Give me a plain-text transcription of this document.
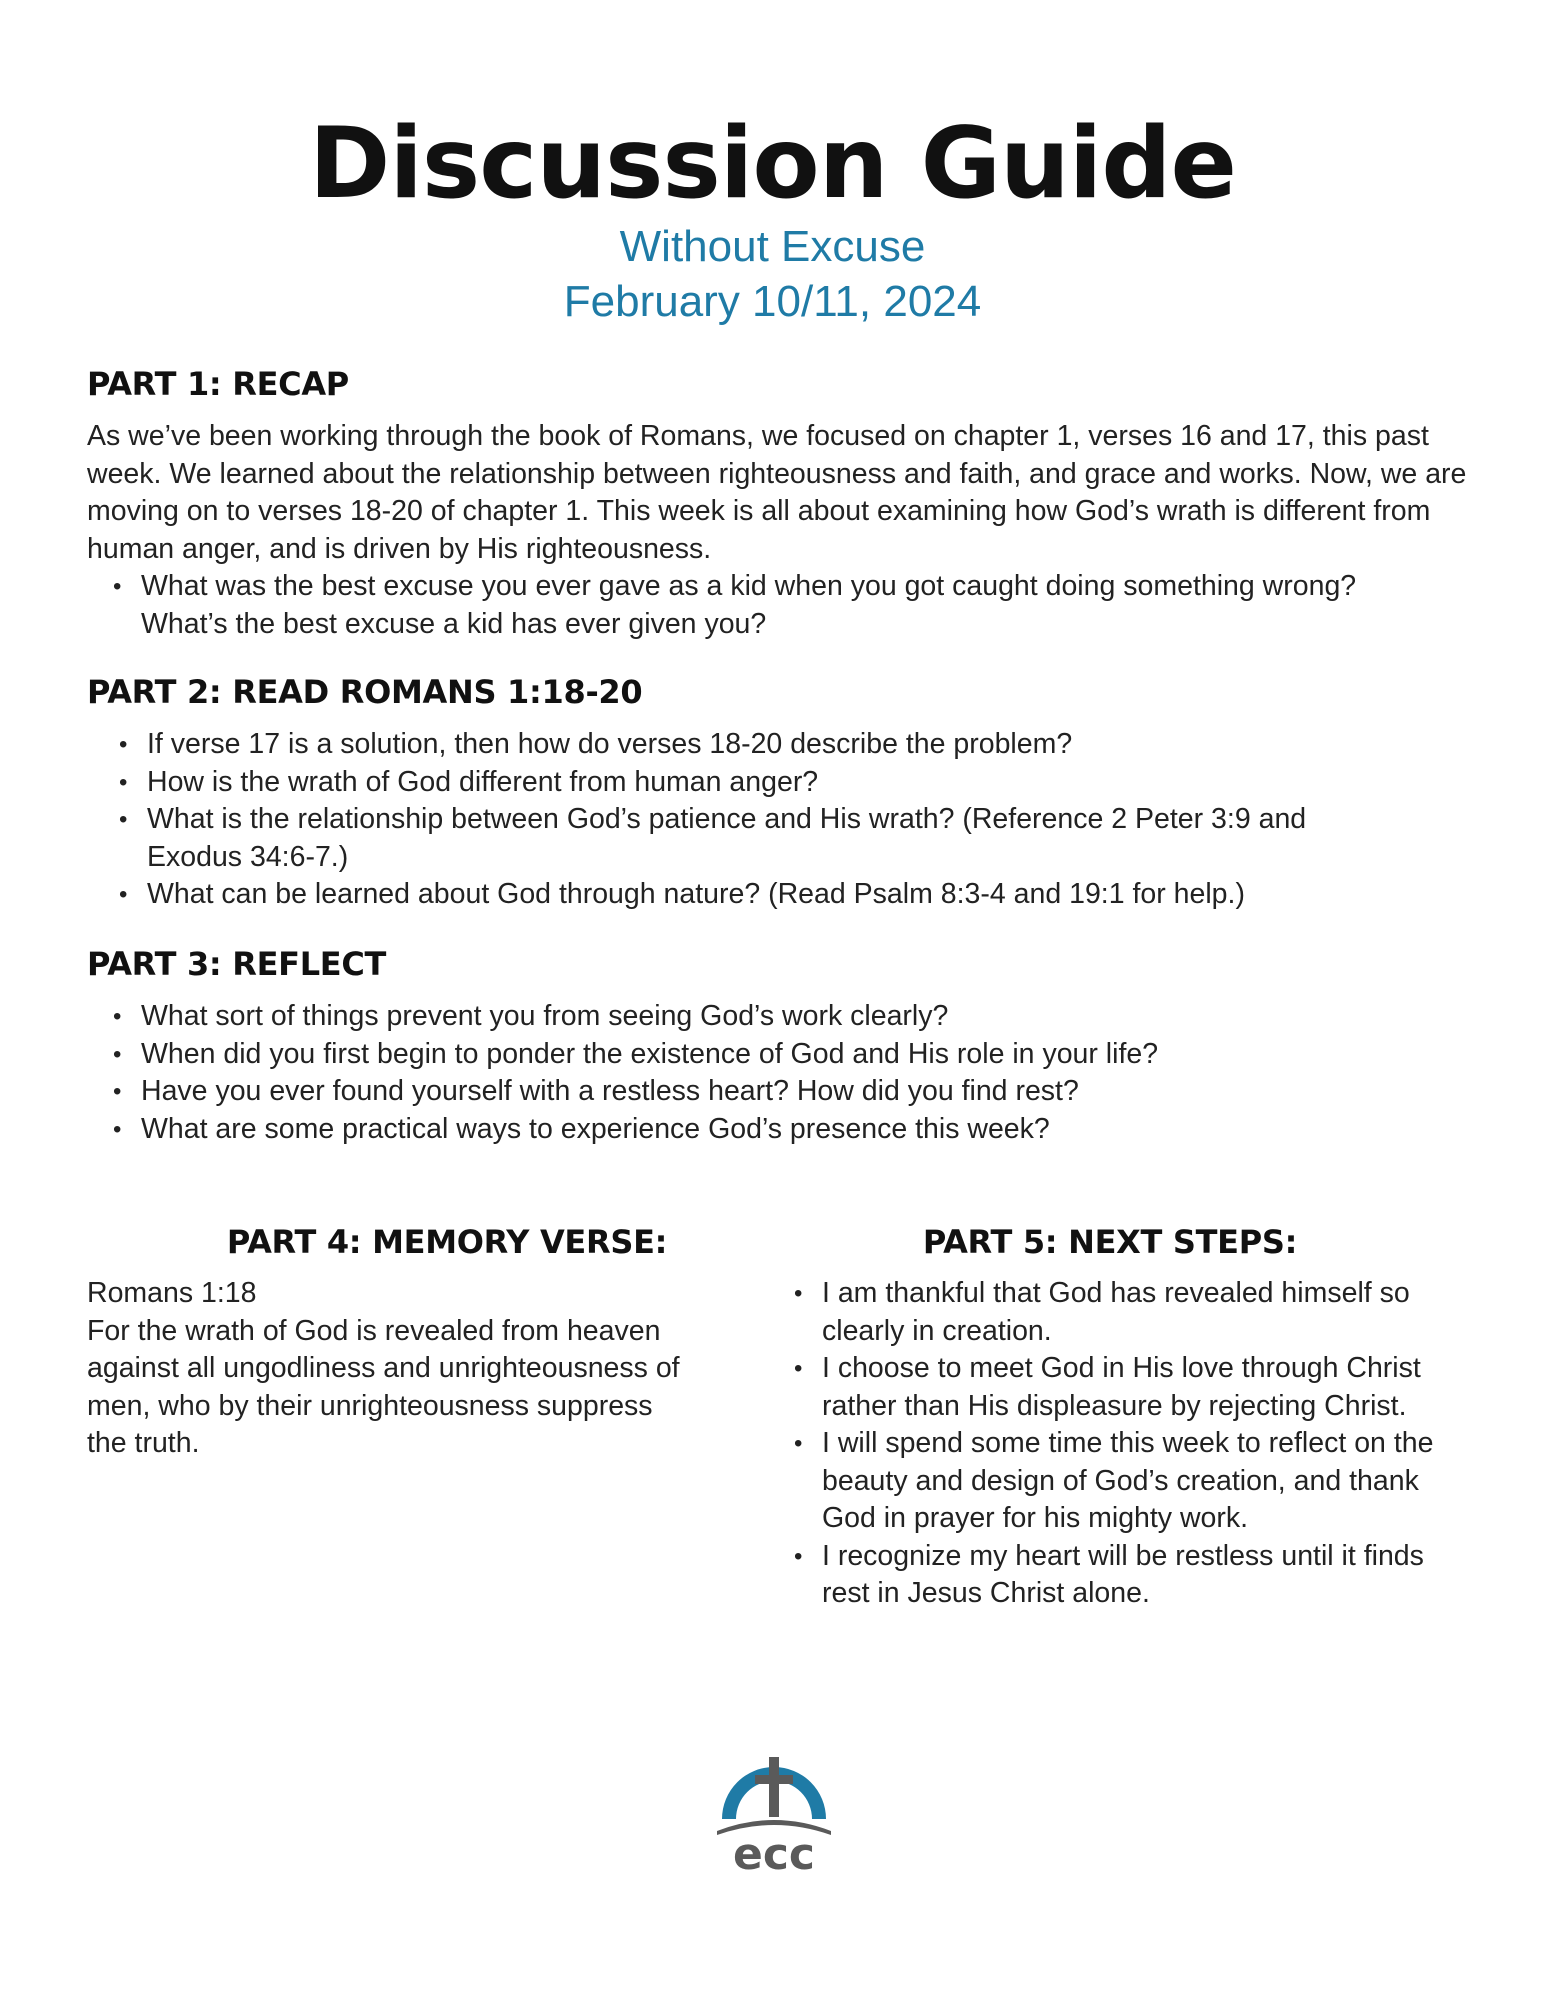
Discussion Guide
Without Excuse
February 10/11, 2024
PART 1: RECAP
As we’ve been working through the book of Romans, we focused on chapter 1, verses 16 and 17, this past week. We learned about the relationship between righteousness and faith, and grace and works. Now, we are moving on to verses 18-20 of chapter 1. This week is all about examining how God’s wrath is different from human anger, and is driven by His righteousness.
• What was the best excuse you ever gave as a kid when you got caught doing something wrong? What’s the best excuse a kid has ever given you?
PART 2: READ ROMANS 1:18-20
• If verse 17 is a solution, then how do verses 18-20 describe the problem?
• How is the wrath of God different from human anger?
• What is the relationship between God’s patience and His wrath? (Reference 2 Peter 3:9 and Exodus 34:6-7.)
• What can be learned about God through nature? (Read Psalm 8:3-4 and 19:1 for help.)
PART 3: REFLECT
• What sort of things prevent you from seeing God’s work clearly?
• When did you first begin to ponder the existence of God and His role in your life?
• Have you ever found yourself with a restless heart? How did you find rest?
• What are some practical ways to experience God’s presence this week?
PART 4: MEMORY VERSE:
Romans 1:18
For the wrath of God is revealed from heaven against all ungodliness and unrighteousness of men, who by their unrighteousness suppress the truth.
PART 5: NEXT STEPS:
• I am thankful that God has revealed himself so clearly in creation.
• I choose to meet God in His love through Christ rather than His displeasure by rejecting Christ.
• I will spend some time this week to reflect on the beauty and design of God’s creation, and thank God in prayer for his mighty work.
• I recognize my heart will be restless until it finds rest in Jesus Christ alone.
ecc
